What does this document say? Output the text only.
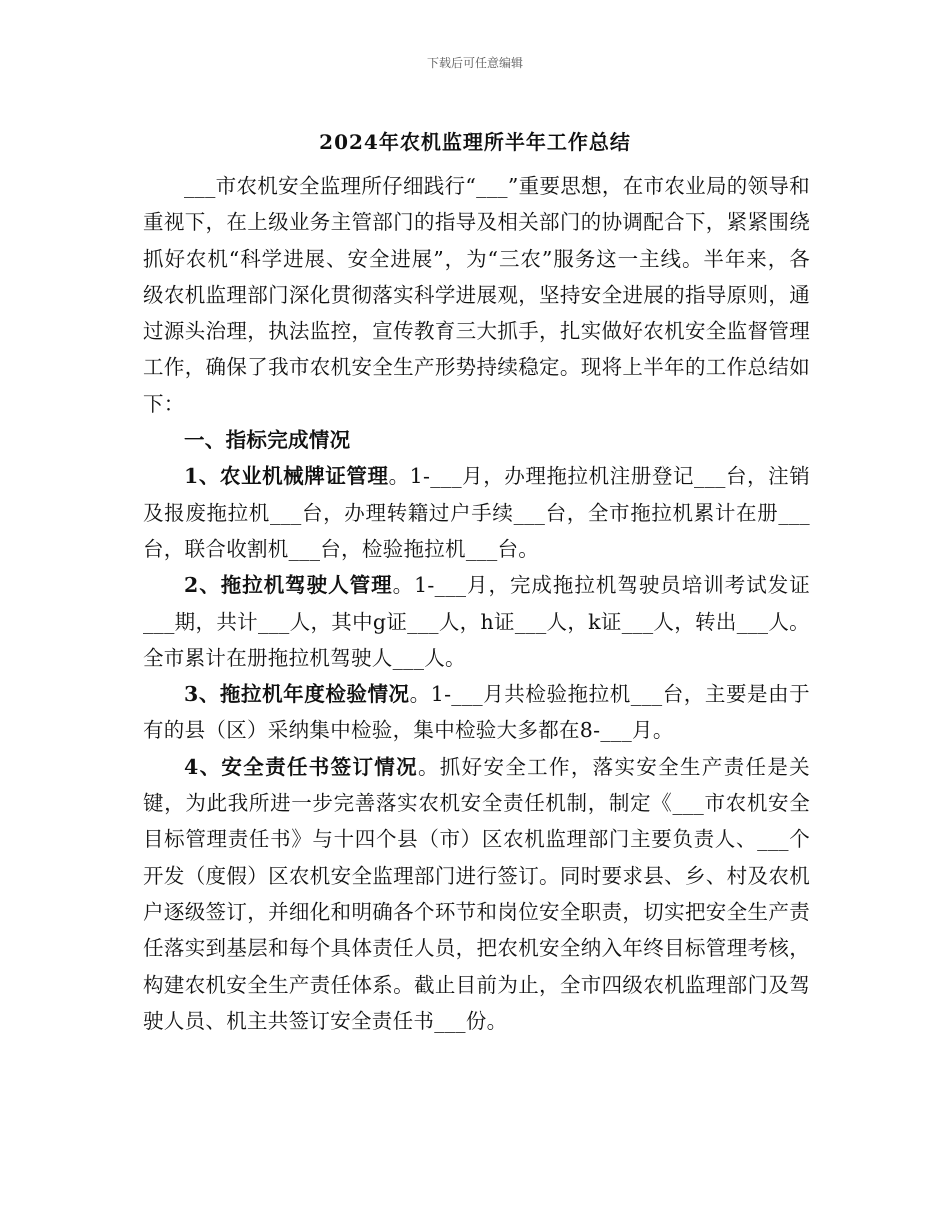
下载后可任意编辑
2024年农机监理所半年工作总结

___市农机安全监理所仔细践行“___”重要思想，在市农业局的领导和重视下，在上级业务主管部门的指导及相关部门的协调配合下，紧紧围绕抓好农机“科学进展、安全进展”，为“三农”服务这一主线。半年来，各级农机监理部门深化贯彻落实科学进展观，坚持安全进展的指导原则，通过源头治理，执法监控，宣传教育三大抓手，扎实做好农机安全监督管理工作，确保了我市农机安全生产形势持续稳定。现将上半年的工作总结如下：

一、指标完成情况

1、农业机械牌证管理。1-___月，办理拖拉机注册登记___台，注销及报废拖拉机___台，办理转籍过户手续___台，全市拖拉机累计在册___台，联合收割机___台，检验拖拉机___台。

2、拖拉机驾驶人管理。1-___月，完成拖拉机驾驶员培训考试发证___期，共计___人，其中g证___人，h证___人，k证___人，转出___人。全市累计在册拖拉机驾驶人___人。

3、拖拉机年度检验情况。1-___月共检验拖拉机___台，主要是由于有的县（区）采纳集中检验，集中检验大多都在8-___月。

4、安全责任书签订情况。抓好安全工作，落实安全生产责任是关键，为此我所进一步完善落实农机安全责任机制，制定《___市农机安全目标管理责任书》与十四个县（市）区农机监理部门主要负责人、___个开发（度假）区农机安全监理部门进行签订。同时要求县、乡、村及农机户逐级签订，并细化和明确各个环节和岗位安全职责，切实把安全生产责任落实到基层和每个具体责任人员，把农机安全纳入年终目标管理考核，构建农机安全生产责任体系。截止目前为止，全市四级农机监理部门及驾驶人员、机主共签订安全责任书___份。
